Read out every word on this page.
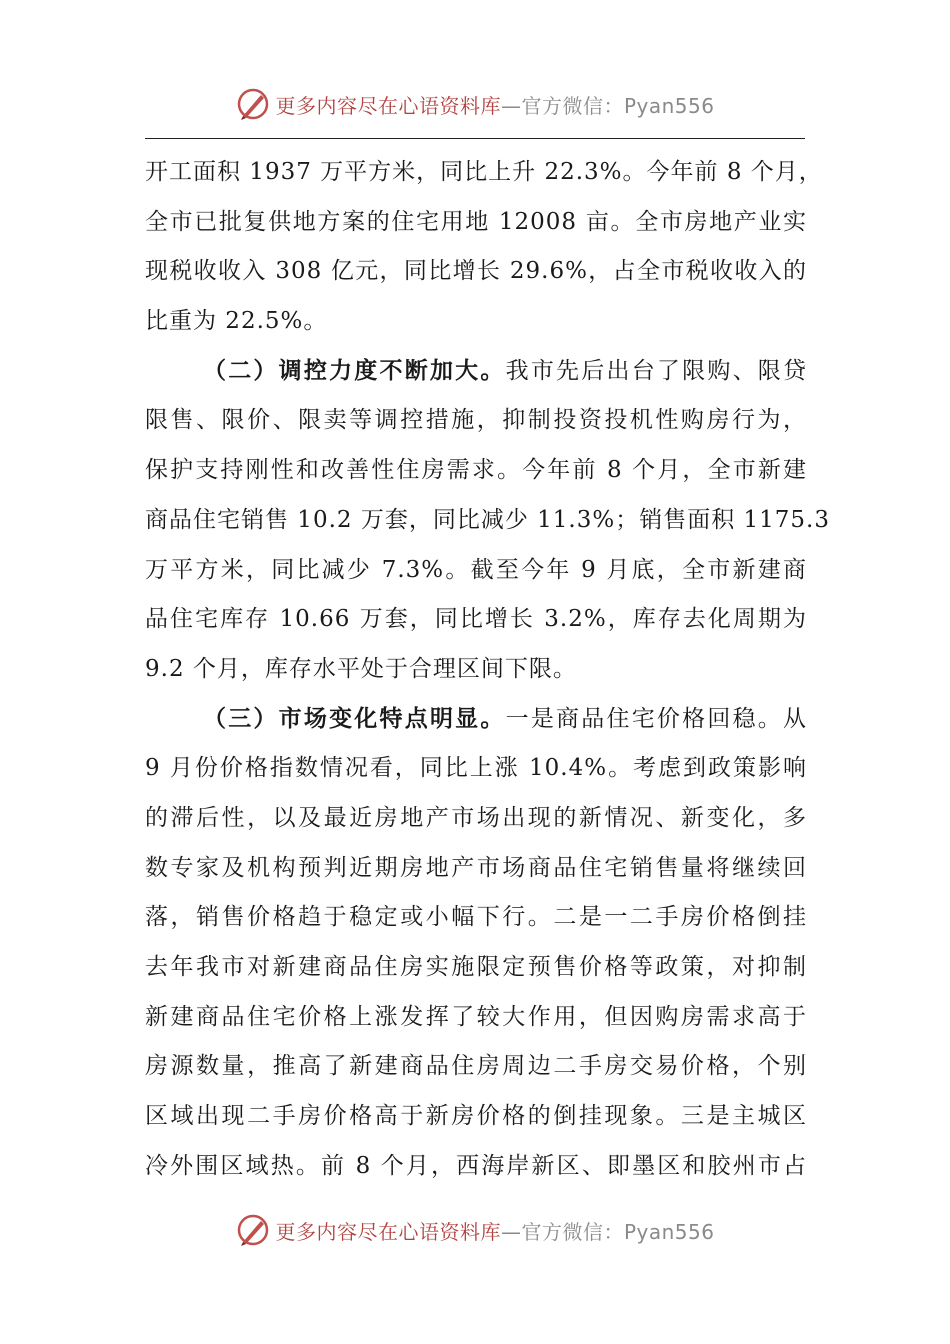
更多内容尽在心语资料库—官方微信：Pyan556
开工面积 1937 万平方米，同比上升 22.3%。今年前 8 个月，
全市已批复供地方案的住宅用地 12008 亩。全市房地产业实
现税收收入 308 亿元，同比增长 29.6%，占全市税收收入的
比重为 22.5%。
（二）调控力度不断加大。我市先后出台了限购、限贷
限售、限价、限卖等调控措施，抑制投资投机性购房行为，
保护支持刚性和改善性住房需求。今年前 8 个月，全市新建
商品住宅销售 10.2 万套，同比减少 11.3%；销售面积 1175.3
万平方米，同比减少 7.3%。截至今年 9 月底，全市新建商
品住宅库存 10.66 万套，同比增长 3.2%，库存去化周期为
9.2 个月，库存水平处于合理区间下限。
（三）市场变化特点明显。一是商品住宅价格回稳。从
9 月份价格指数情况看，同比上涨 10.4%。考虑到政策影响
的滞后性，以及最近房地产市场出现的新情况、新变化，多
数专家及机构预判近期房地产市场商品住宅销售量将继续回
落，销售价格趋于稳定或小幅下行。二是一二手房价格倒挂
去年我市对新建商品住房实施限定预售价格等政策，对抑制
新建商品住宅价格上涨发挥了较大作用，但因购房需求高于
房源数量，推高了新建商品住房周边二手房交易价格，个别
区域出现二手房价格高于新房价格的倒挂现象。三是主城区
冷外围区域热。前 8 个月，西海岸新区、即墨区和胶州市占
更多内容尽在心语资料库—官方微信：Pyan556
